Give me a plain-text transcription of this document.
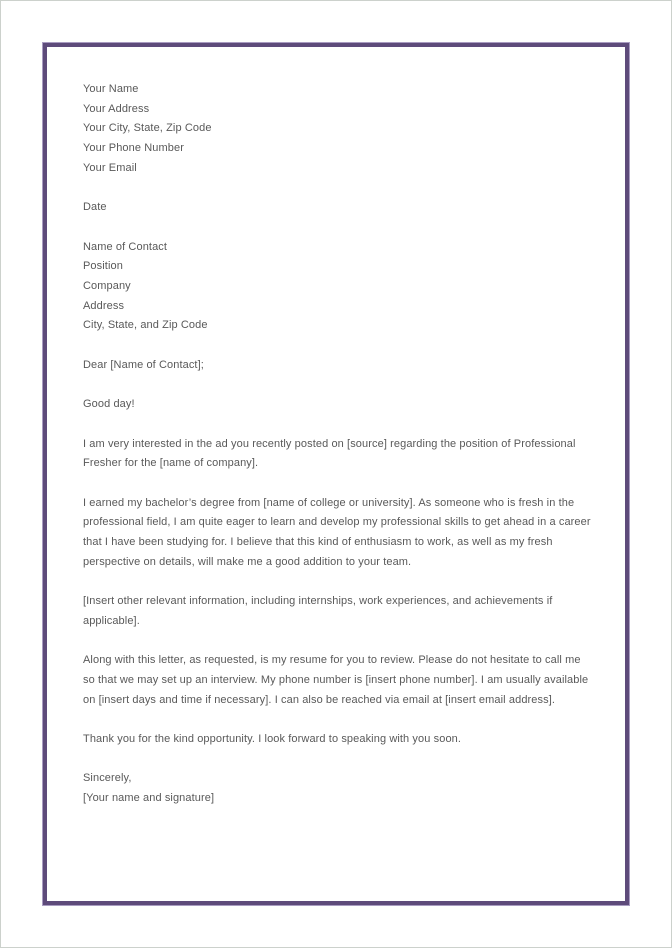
Your Name
Your Address
Your City, State, Zip Code
Your Phone Number
Your Email

Date

Name of Contact
Position
Company
Address
City, State, and Zip Code

Dear [Name of Contact];

Good day!

I am very interested in the ad you recently posted on [source] regarding the position of Professional Fresher for the [name of company].

I earned my bachelor’s degree from [name of college or university]. As someone who is fresh in the professional field, I am quite eager to learn and develop my professional skills to get ahead in a career that I have been studying for. I believe that this kind of enthusiasm to work, as well as my fresh perspective on details, will make me a good addition to your team.

[Insert other relevant information, including internships, work experiences, and achievements if applicable].

Along with this letter, as requested, is my resume for you to review. Please do not hesitate to call me so that we may set up an interview. My phone number is [insert phone number]. I am usually available on [insert days and time if necessary]. I can also be reached via email at [insert email address].

Thank you for the kind opportunity. I look forward to speaking with you soon.

Sincerely,
[Your name and signature]
